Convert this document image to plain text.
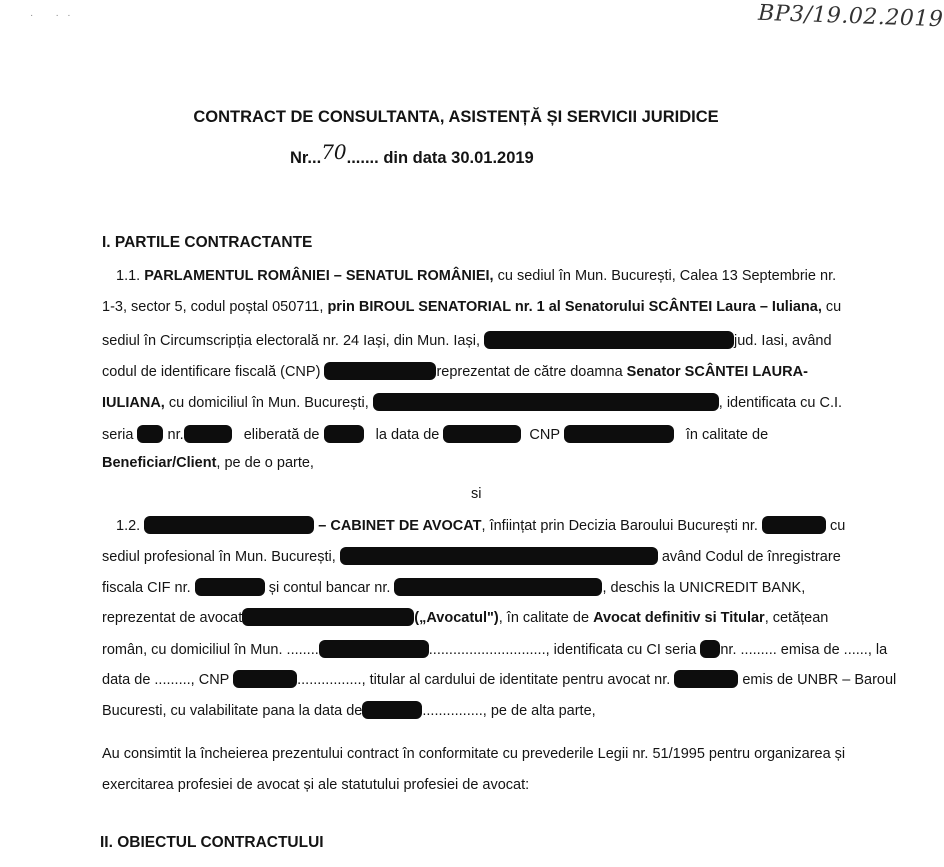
·        ·   ·	BP3/19.02.2019
CONTRACT DE CONSULTANTA, ASISTENȚĂ ȘI SERVICII JURIDICE
Nr...70....... din data 30.01.2019
I. PARTILE CONTRACTANTE
1.1. PARLAMENTUL ROMÂNIEI – SENATUL ROMÂNIEI, cu sediul în Mun. București, Calea 13 Septembrie nr.
1-3, sector 5, codul poștal 050711, prin BIROUL SENATORIAL nr. 1 al Senatorului SCÂNTEI Laura – Iuliana, cu
sediul în Circumscripția electorală nr. 24 Iași, din Mun. Iași,	jud. Iasi, având
codul de identificare fiscală (CNP)	reprezentat de către doamna Senator SCÂNTEI LAURA-
IULIANA, cu domiciliul în Mun. București,	, identificata cu C.I.
seria nr.	eliberată de	la data de	CNP	în calitate de
Beneficiar/Client, pe de o parte,
si
1.2.	– CABINET DE AVOCAT, înființat prin Decizia Baroului București nr.	cu
sediul profesional în Mun. București,	având Codul de înregistrare
fiscala CIF nr.	și contul bancar nr.	, deschis la UNICREDIT BANK,
reprezentat de avocat	(„Avocatul"), în calitate de Avocat definitiv si Titular, cetățean
român, cu domiciliul în Mun. ........	............................., identificata cu CI seria nr. ......... emisa de ......, la
data de ........., CNP	................, titular al cardului de identitate pentru avocat nr.	emis de UNBR – Baroul
Bucuresti, cu valabilitate pana la data de	..............., pe de alta parte,
Au consimtit la încheierea prezentului contract în conformitate cu prevederile Legii nr. 51/1995 pentru organizarea și
exercitarea profesiei de avocat și ale statutului profesiei de avocat:
II. OBIECTUL CONTRACTULUI
